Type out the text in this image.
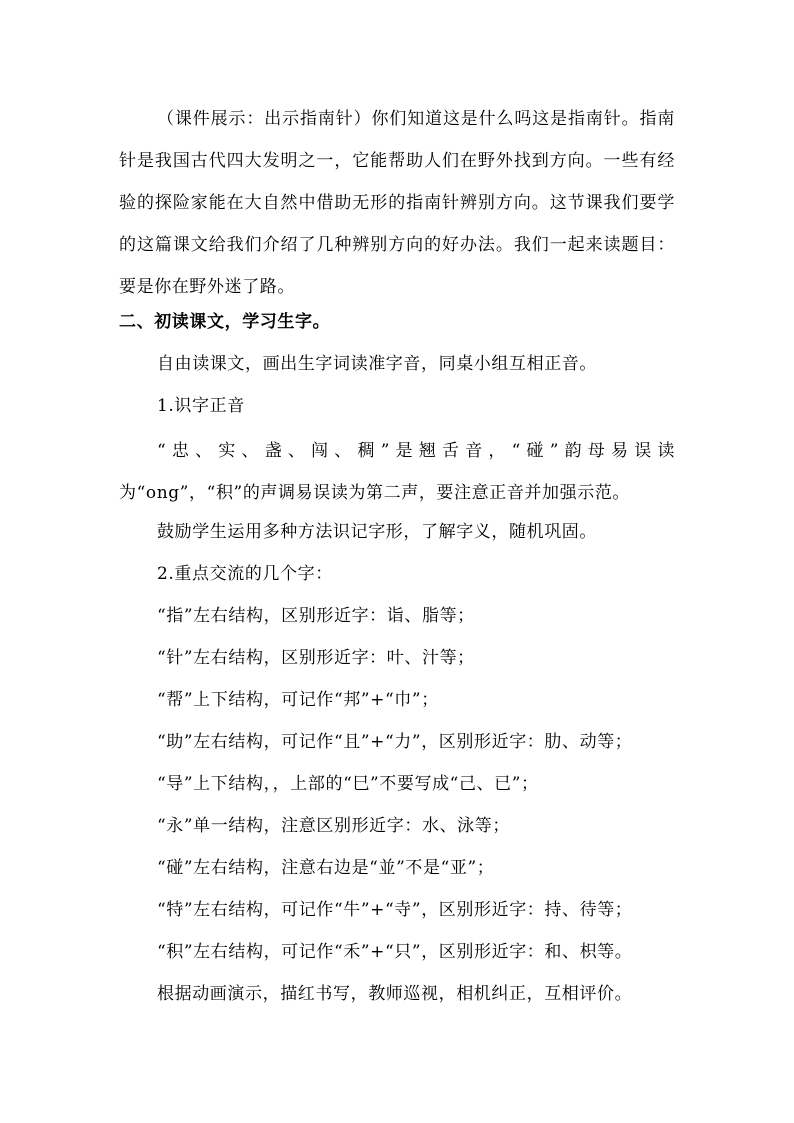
（课件展示：出示指南针）你们知道这是什么吗这是指南针。指南针是我国古代四大发明之一，它能帮助人们在野外找到方向。一些有经验的探险家能在大自然中借助无形的指南针辨别方向。这节课我们要学的这篇课文给我们介绍了几种辨别方向的好办法。我们一起来读题目：要是你在野外迷了路。
二、初读课文，学习生字。
自由读课文，画出生字词读准字音，同桌小组互相正音。
1.识字正音
“忠、实、盏、闯、稠”是翘舌音，“碰”韵母易误读为“ong”，“积”的声调易误读为第二声，要注意正音并加强示范。
鼓励学生运用多种方法识记字形，了解字义，随机巩固。
2.重点交流的几个字：
“指”左右结构，区别形近字：诣、脂等；
“针”左右结构，区别形近字：叶、汁等；
“帮”上下结构，可记作“邦”+“巾”；
“助”左右结构，可记作“且”+“力”，区别形近字：肋、动等；
“导”上下结构，，上部的“巳”不要写成“己、已”；
“永”单一结构，注意区别形近字：水、泳等；
“碰”左右结构，注意右边是“並”不是“亚”；
“特”左右结构，可记作“牛”+“寺”，区别形近字：持、待等；
“积”左右结构，可记作“禾”+“只”，区别形近字：和、枳等。
根据动画演示，描红书写，教师巡视，相机纠正，互相评价。
